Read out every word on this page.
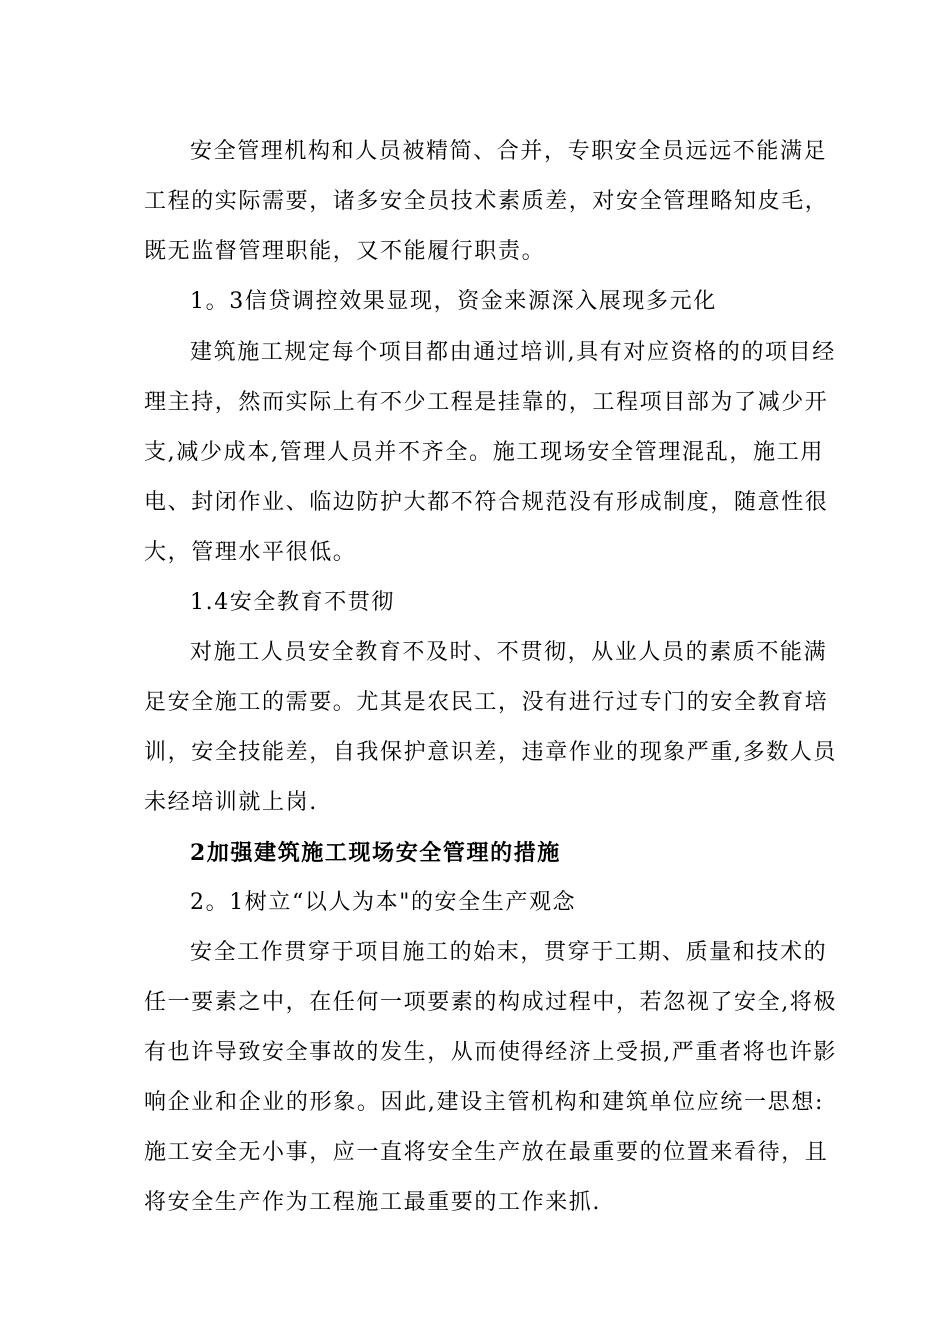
安全管理机构和人员被精简、合并，专职安全员远远不能满足
工程的实际需要，诸多安全员技术素质差，对安全管理略知皮毛，
既无监督管理职能，又不能履行职责。
1。3信贷调控效果显现，资金来源深入展现多元化
建筑施工规定每个项目都由通过培训,具有对应资格的的项目经
理主持，然而实际上有不少工程是挂靠的，工程项目部为了减少开
支,减少成本,管理人员并不齐全。施工现场安全管理混乱，施工用
电、封闭作业、临边防护大都不符合规范没有形成制度，随意性很
大，管理水平很低。
1.4安全教育不贯彻
对施工人员安全教育不及时、不贯彻，从业人员的素质不能满
足安全施工的需要。尤其是农民工，没有进行过专门的安全教育培
训，安全技能差，自我保护意识差，违章作业的现象严重,多数人员
未经培训就上岗.
2加强建筑施工现场安全管理的措施
2。1树立“以人为本"的安全生产观念
安全工作贯穿于项目施工的始末，贯穿于工期、质量和技术的
任一要素之中，在任何一项要素的构成过程中，若忽视了安全,将极
有也许导致安全事故的发生，从而使得经济上受损,严重者将也许影
响企业和企业的形象。因此,建设主管机构和建筑单位应统一思想:
施工安全无小事，应一直将安全生产放在最重要的位置来看待，且
将安全生产作为工程施工最重要的工作来抓.
